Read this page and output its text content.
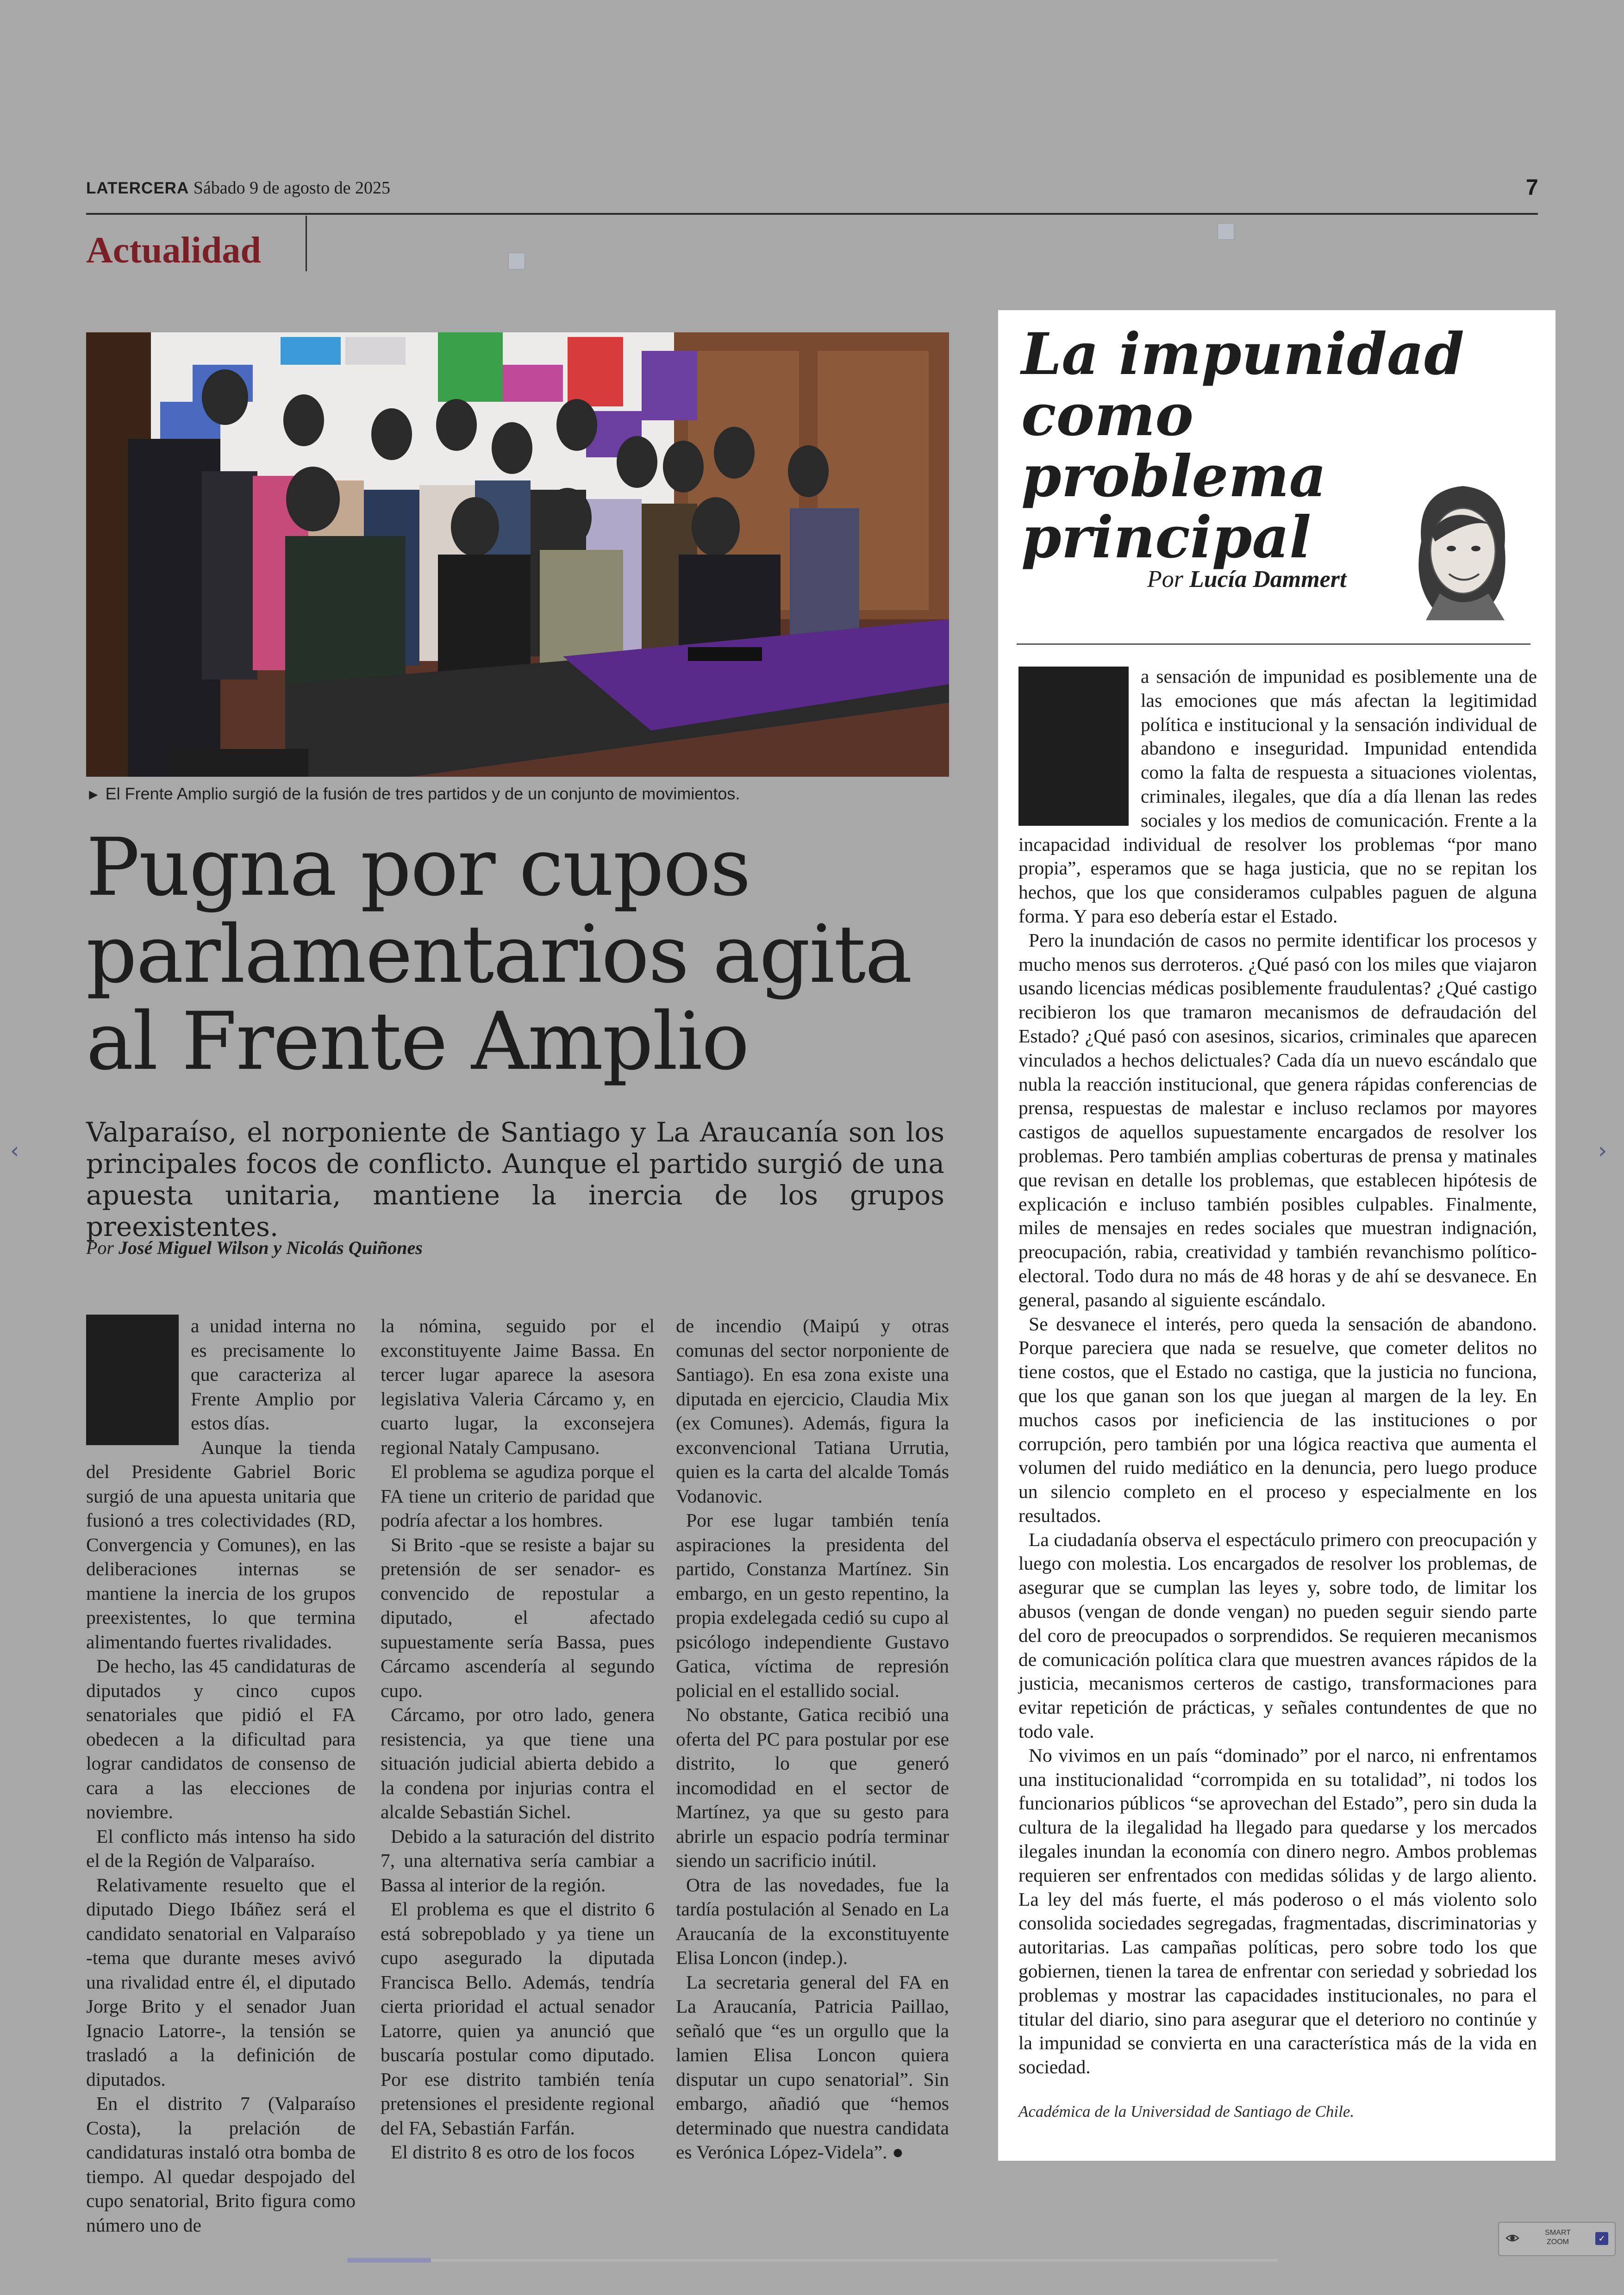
LATERCERA Sábado 9 de agosto de 2025	7
Actualidad
► El Frente Amplio surgió de la fusión de tres partidos y de un conjunto de movimientos.
Pugna por cupos parlamentarios agita al Frente Amplio
Valparaíso, el norponiente de Santiago y La Araucanía son los principales focos de conflicto. Aunque el partido surgió de una apuesta unitaria, mantiene la inercia de los grupos preexistentes.
Por José Miguel Wilson y Nicolás Quiñones

a unidad interna no es precisamente lo que caracteriza al Frente Amplio por estos días.

Aunque la tienda del Presidente Gabriel Boric surgió de una apuesta unitaria que fusionó a tres colectividades (RD, Convergencia y Comunes), en las deliberaciones internas se mantiene la inercia de los grupos preexistentes, lo que termina alimentando fuertes rivalidades.

De hecho, las 45 candidaturas de diputados y cinco cupos senatoriales que pidió el FA obedecen a la dificultad para lograr candidatos de consenso de cara a las elecciones de noviembre.

El conflicto más intenso ha sido el de la Región de Valparaíso.

Relativamente resuelto que el diputado Diego Ibáñez será el candidato senatorial en Valparaíso -tema que durante meses avivó una rivalidad entre él, el diputado Jorge Brito y el senador Juan Ignacio Latorre-, la tensión se trasladó a la definición de diputados.

En el distrito 7 (Valparaíso Costa), la prelación de candidaturas instaló otra bomba de tiempo. Al quedar despojado del cupo senatorial, Brito figura como número uno de

la nómina, seguido por el exconstituyente Jaime Bassa. En tercer lugar aparece la asesora legislativa Valeria Cárcamo y, en cuarto lugar, la exconsejera regional Nataly Campusano.

El problema se agudiza porque el FA tiene un criterio de paridad que podría afectar a los hombres.

Si Brito -que se resiste a bajar su pretensión de ser senador- es convencido de repostular a diputado, el afectado supuestamente sería Bassa, pues Cárcamo ascendería al segundo cupo.

Cárcamo, por otro lado, genera resistencia, ya que tiene una situación judicial abierta debido a la condena por injurias contra el alcalde Sebastián Sichel.

Debido a la saturación del distrito 7, una alternativa sería cambiar a Bassa al interior de la región.

El problema es que el distrito 6 está sobrepoblado y ya tiene un cupo asegurado la diputada Francisca Bello. Además, tendría cierta prioridad el actual senador Latorre, quien ya anunció que buscaría postular como diputado. Por ese distrito también tenía pretensiones el presidente regional del FA, Sebastián Farfán.

El distrito 8 es otro de los focos

de incendio (Maipú y otras comunas del sector norponiente de Santiago). En esa zona existe una diputada en ejercicio, Claudia Mix (ex Comunes). Además, figura la exconvencional Tatiana Urrutia, quien es la carta del alcalde Tomás Vodanovic.

Por ese lugar también tenía aspiraciones la presidenta del partido, Constanza Martínez. Sin embargo, en un gesto repentino, la propia exdelegada cedió su cupo al psicólogo independiente Gustavo Gatica, víctima de represión policial en el estallido social.

No obstante, Gatica recibió una oferta del PC para postular por ese distrito, lo que generó incomodidad en el sector de Martínez, ya que su gesto para abrirle un espacio podría terminar siendo un sacrificio inútil.

Otra de las novedades, fue la tardía postulación al Senado en La Araucanía de la exconstituyente Elisa Loncon (indep.).

La secretaria general del FA en La Araucanía, Patricia Paillao, señaló que “es un orgullo que la lamien Elisa Loncon quiera disputar un cupo senatorial”. Sin embargo, añadió que “hemos determinado que nuestra candidata es Verónica López-Videla”. ●

La impunidad como problema principal
Por Lucía Dammert

a sensación de impunidad es posiblemente una de las emociones que más afectan la legitimidad política e institucional y la sensación individual de abandono e inseguridad. Impunidad entendida como la falta de respuesta a situaciones violentas, criminales, ilegales, que día a día llenan las redes sociales y los medios de comunicación. Frente a la incapacidad individual de resolver los problemas “por mano propia”, esperamos que se haga justicia, que no se repitan los hechos, que los que consideramos culpables paguen de alguna forma. Y para eso debería estar el Estado.

Pero la inundación de casos no permite identificar los procesos y mucho menos sus derroteros. ¿Qué pasó con los miles que viajaron usando licencias médicas posiblemente fraudulentas? ¿Qué castigo recibieron los que tramaron mecanismos de defraudación del Estado? ¿Qué pasó con asesinos, sicarios, criminales que aparecen vinculados a hechos delictuales? Cada día un nuevo escándalo que nubla la reacción institucional, que genera rápidas conferencias de prensa, respuestas de malestar e incluso reclamos por mayores castigos de aquellos supuestamente encargados de resolver los problemas. Pero también amplias coberturas de prensa y matinales que revisan en detalle los problemas, que establecen hipótesis de explicación e incluso también posibles culpables. Finalmente, miles de mensajes en redes sociales que muestran indignación, preocupación, rabia, creatividad y también revanchismo político-electoral. Todo dura no más de 48 horas y de ahí se desvanece. En general, pasando al siguiente escándalo.

Se desvanece el interés, pero queda la sensación de abandono. Porque pareciera que nada se resuelve, que cometer delitos no tiene costos, que el Estado no castiga, que la justicia no funciona, que los que ganan son los que juegan al margen de la ley. En muchos casos por ineficiencia de las instituciones o por corrupción, pero también por una lógica reactiva que aumenta el volumen del ruido mediático en la denuncia, pero luego produce un silencio completo en el proceso y especialmente en los resultados.

La ciudadanía observa el espectáculo primero con preocupación y luego con molestia. Los encargados de resolver los problemas, de asegurar que se cumplan las leyes y, sobre todo, de limitar los abusos (vengan de donde vengan) no pueden seguir siendo parte del coro de preocupados o sorprendidos. Se requieren mecanismos de comunicación política clara que muestren avances rápidos de la justicia, mecanismos certeros de castigo, transformaciones para evitar repetición de prácticas, y señales contundentes de que no todo vale.

No vivimos en un país “dominado” por el narco, ni enfrentamos una institucionalidad “corrompida en su totalidad”, ni todos los funcionarios públicos “se aprovechan del Estado”, pero sin duda la cultura de la ilegalidad ha llegado para quedarse y los mercados ilegales inundan la economía con dinero negro. Ambos problemas requieren ser enfrentados con medidas sólidas y de largo aliento. La ley del más fuerte, el más poderoso o el más violento solo consolida sociedades segregadas, fragmentadas, discriminatorias y autoritarias. Las campañas políticas, pero sobre todo los que gobiernen, tienen la tarea de enfrentar con seriedad y sobriedad los problemas y mostrar las capacidades institucionales, no para el titular del diario, sino para asegurar que el deterioro no continúe y la impunidad se convierta en una característica más de la vida en sociedad.

Académica de la Universidad de Santiago de Chile.
‹	›
SMART ZOOM	✓
